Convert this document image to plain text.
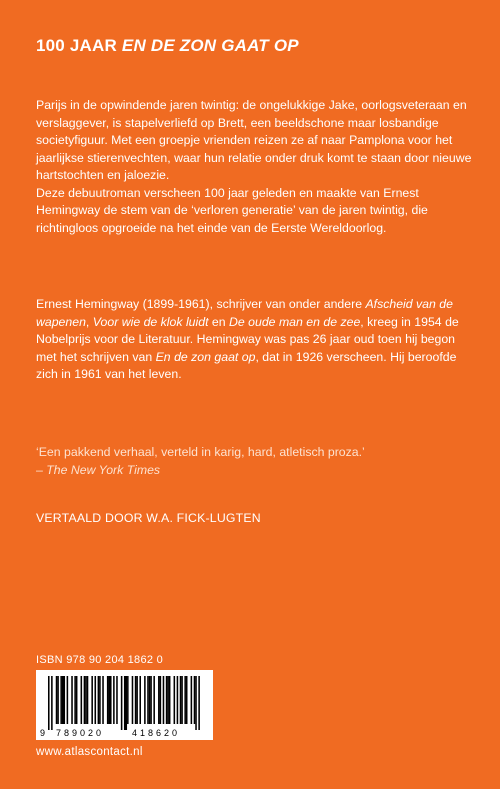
100 JAAR EN DE ZON GAAT OP

Parijs in de opwindende jaren twintig: de ongelukkige Jake, oorlogsveteraan en verslaggever, is stapelverliefd op Brett, een beeldschone maar losbandige societyfiguur. Met een groepje vrienden reizen ze af naar Pamplona voor het jaarlijkse stierenvechten, waar hun relatie onder druk komt te staan door nieuwe hartstochten en jaloezie.

Deze debuutroman verscheen 100 jaar geleden en maakte van Ernest Hemingway de stem van de ‘verloren generatie’ van de jaren twintig, die richtingloos opgroeide na het einde van de Eerste Wereldoorlog.

Ernest Hemingway (1899-1961), schrijver van onder andere Afscheid van de wapenen, Voor wie de klok luidt en De oude man en de zee, kreeg in 1954 de Nobelprijs voor de Literatuur. Hemingway was pas 26 jaar oud toen hij begon met het schrijven van En de zon gaat op, dat in 1926 verscheen. Hij beroofde zich in 1961 van het leven.

‘Een pakkend verhaal, verteld in karig, hard, atletisch proza.’

– The New York Times

VERTAALD DOOR W.A. FICK-LUGTEN
ISBN 978 90 204 1862 0
9 789020	418620
www.atlascontact.nl
